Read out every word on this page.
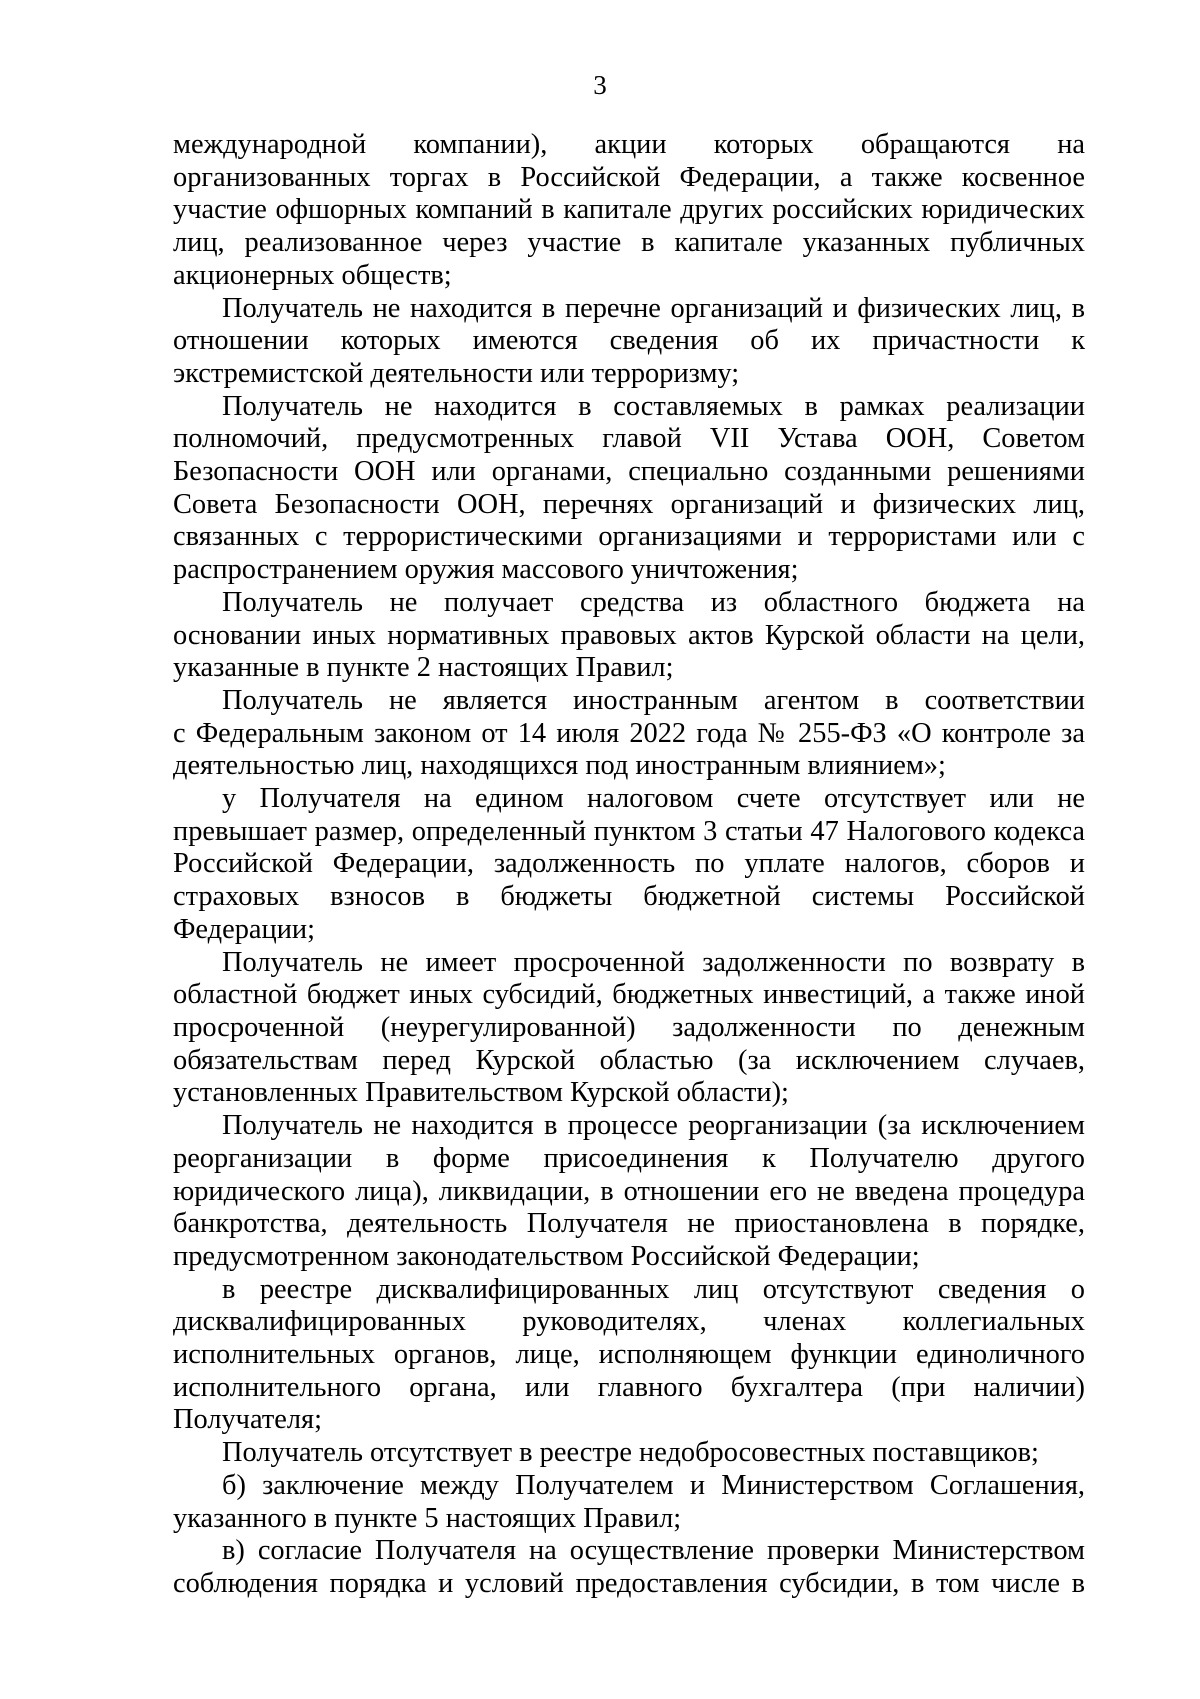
3

международной компании), акции которых обращаются на
организованных торгах в Российской Федерации, а также косвенное
участие офшорных компаний в капитале других российских юридических
лиц, реализованное через участие в капитале указанных публичных
акционерных обществ;

Получатель не находится в перечне организаций и физических лиц, в
отношении которых имеются сведения об их причастности к
экстремистской деятельности или терроризму;

Получатель не находится в составляемых в рамках реализации
полномочий, предусмотренных главой VII Устава ООН, Советом
Безопасности ООН или органами, специально созданными решениями
Совета Безопасности ООН, перечнях организаций и физических лиц,
связанных с террористическими организациями и террористами или с
распространением оружия массового уничтожения;

Получатель не получает средства из областного бюджета на
основании иных нормативных правовых актов Курской области на цели,
указанные в пункте 2 настоящих Правил;

Получатель не является иностранным агентом в соответствии
с Федеральным законом от 14 июля 2022 года № 255-ФЗ «О контроле за
деятельностью лиц, находящихся под иностранным влиянием»;

у Получателя на едином налоговом счете отсутствует или не
превышает размер, определенный пунктом 3 статьи 47 Налогового кодекса
Российской Федерации, задолженность по уплате налогов, сборов и
страховых взносов в бюджеты бюджетной системы Российской
Федерации;

Получатель не имеет просроченной задолженности по возврату в
областной бюджет иных субсидий, бюджетных инвестиций, а также иной
просроченной (неурегулированной) задолженности по денежным
обязательствам перед Курской областью (за исключением случаев,
установленных Правительством Курской области);

Получатель не находится в процессе реорганизации (за исключением
реорганизации в форме присоединения к Получателю другого
юридического лица), ликвидации, в отношении его не введена процедура
банкротства, деятельность Получателя не приостановлена в порядке,
предусмотренном законодательством Российской Федерации;

в реестре дисквалифицированных лиц отсутствуют сведения о
дисквалифицированных руководителях, членах коллегиальных
исполнительных органов, лице, исполняющем функции единоличного
исполнительного органа, или главного бухгалтера (при наличии)
Получателя;

Получатель отсутствует в реестре недобросовестных поставщиков;

б) заключение между Получателем и Министерством Соглашения,
указанного в пункте 5 настоящих Правил;

в) согласие Получателя на осуществление проверки Министерством
соблюдения порядка и условий предоставления субсидии, в том числе в
